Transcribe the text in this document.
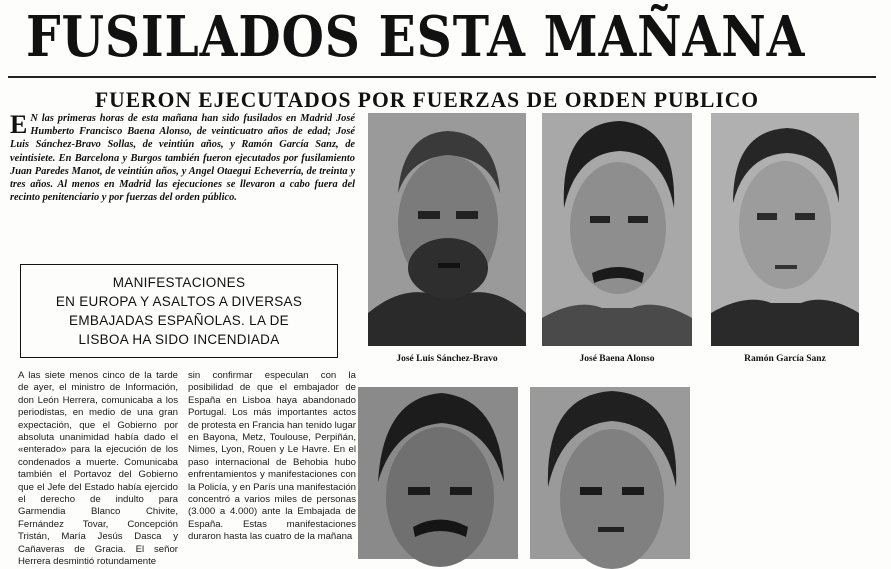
FUSILADOS ESTA MAÑANA
FUERON EJECUTADOS POR FUERZAS DE ORDEN PUBLICO
E N las primeras horas de esta mañana han sido fusilados en Madrid José Humberto Francisco Baena Alonso, de veinticuatro años de edad; José Luis Sánchez-Bravo Sollas, de veintiún años, y Ramón García Sanz, de veintisiete. En Barcelona y Burgos también fueron ejecutados por fusilamiento Juan Paredes Manot, de veintiún años, y Angel Otaegui Echeverría, de treinta y tres años. Al menos en Madrid las ejecuciones se llevaron a cabo fuera del recinto penitenciario y por fuerzas del orden público.
MANIFESTACIONES
EN EUROPA Y ASALTOS A DIVERSAS
EMBAJADAS ESPAÑOLAS. LA DE
LISBOA HA SIDO INCENDIADA
A las siete menos cinco de la tarde de ayer, el ministro de Información, don León Herrera, comunicaba a los periodistas, en medio de una gran expectación, que el Gobierno por absoluta unanimidad había dado el «enterado» para la ejecución de los condenados a muerte. Comunicaba también el Portavoz del Gobierno que el Jefe del Estado había ejercido el derecho de indulto para Garmendia Blanco Chivite, Fernández Tovar, Concepción Tristán, María Jesús Dasca y Cañaveras de Gracia. El señor Herrera desmintió rotundamente
sin confirmar especulan con la posibilidad de que el embajador de España en Lisboa haya abandonado Portugal. Los más importantes actos de protesta en Francia han tenido lugar en Bayona, Metz, Toulouse, Perpiñán, Nimes, Lyon, Rouen y Le Havre. En el paso internacional de Behobia hubo enfrentamientos y manifestaciones con la Policía, y en París una manifestación concentró a varios miles de personas (3.000 a 4.000) ante la Embajada de España. Estas manifestaciones duraron hasta las cuatro de la mañana
José Luis Sánchez-Bravo	José Baena Alonso	Ramón García Sanz
